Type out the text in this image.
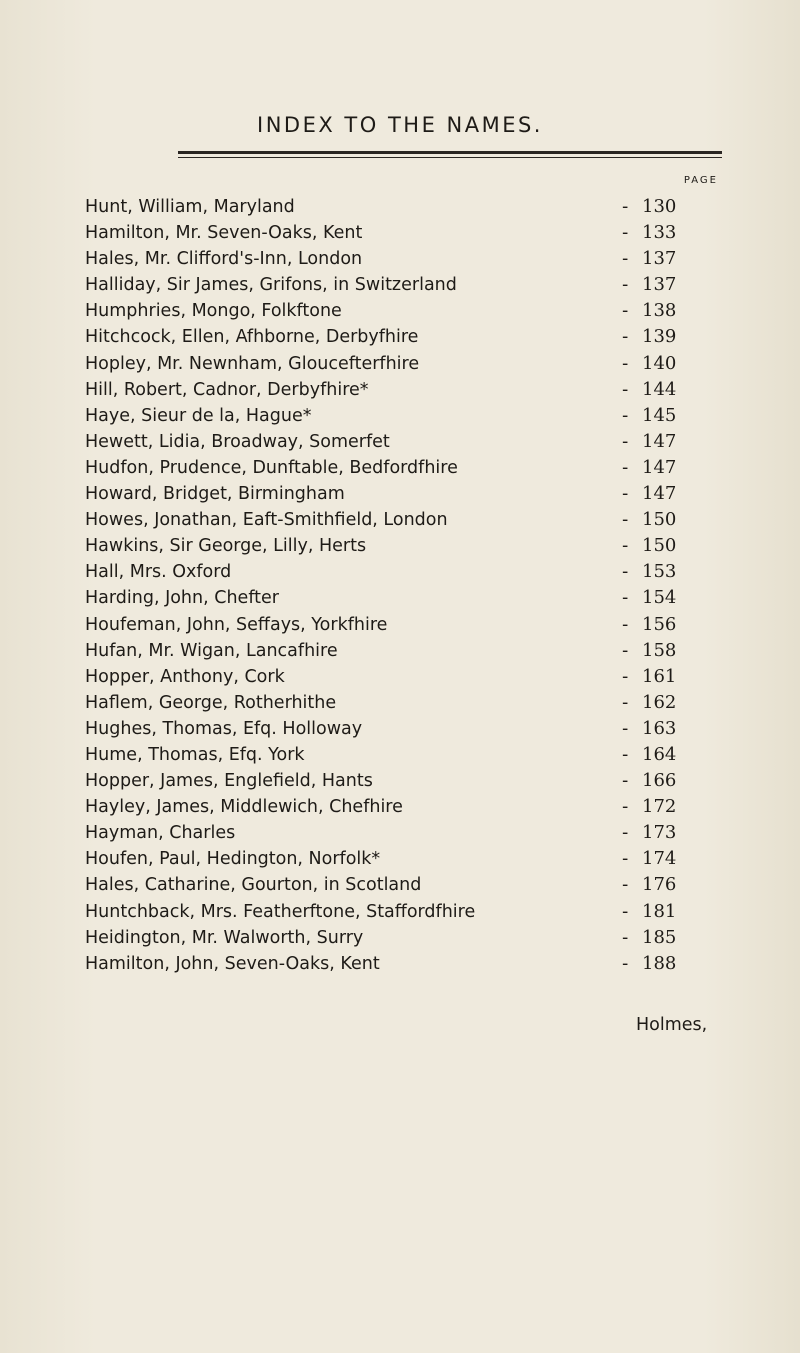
INDEX TO THE NAMES.
PAGE
Hunt, William, Maryland	- 130
Hamilton, Mr. Seven-Oaks, Kent	- 133
Hales, Mr. Clifford's-Inn, London	- 137
Halliday, Sir James, Grifons, in Switzerland	- 137
Humphries, Mongo, Folkftone	- 138
Hitchcock, Ellen, Afhborne, Derbyfhire	- 139
Hopley, Mr. Newnham, Gloucefterfhire	- 140
Hill, Robert, Cadnor, Derbyfhire*	- 144
Haye, Sieur de la, Hague*	- 145
Hewett, Lidia, Broadway, Somerfet	- 147
Hudfon, Prudence, Dunftable, Bedfordfhire	- 147
Howard, Bridget, Birmingham	- 147
Howes, Jonathan, Eaft-Smithfield, London	- 150
Hawkins, Sir George, Lilly, Herts	- 150
Hall, Mrs. Oxford	- 153
Harding, John, Chefter	- 154
Houfeman, John, Seffays, Yorkfhire	- 156
Hufan, Mr. Wigan, Lancafhire	- 158
Hopper, Anthony, Cork	- 161
Haflem, George, Rotherhithe	- 162
Hughes, Thomas, Efq. Holloway	- 163
Hume, Thomas, Efq. York	- 164
Hopper, James, Englefield, Hants	- 166
Hayley, James, Middlewich, Chefhire	- 172
Hayman, Charles	- 173
Houfen, Paul, Hedington, Norfolk*	- 174
Hales, Catharine, Gourton, in Scotland	- 176
Huntchback, Mrs. Featherftone, Staffordfhire	- 181
Heidington, Mr. Walworth, Surry	- 185
Hamilton, John, Seven-Oaks, Kent	- 188
Holmes,
